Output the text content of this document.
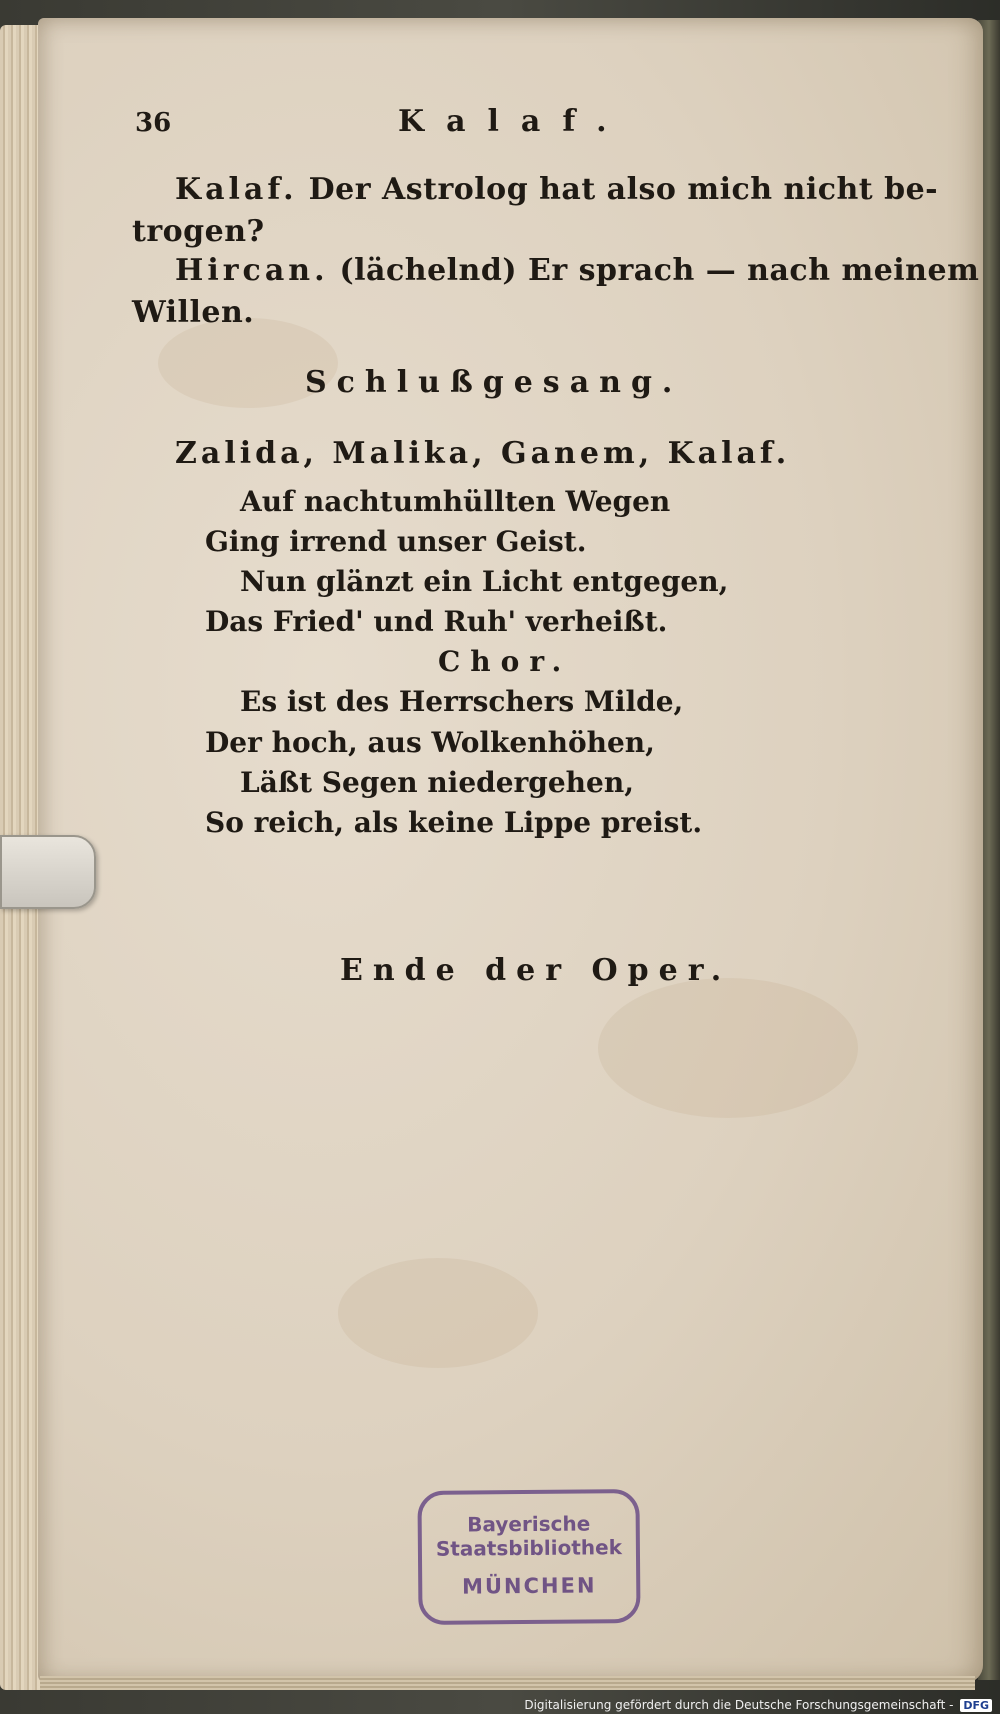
36	Kalaf.
Kalaf. Der Astrolog hat also mich nicht be-
trogen?
Hircan. (lächelnd) Er sprach — nach meinem
Willen.
Schlußgesang.
Zalida, Malika, Ganem, Kalaf.
Auf nachtumhüllten Wegen
Ging irrend unser Geist.
Nun glänzt ein Licht entgegen,
Das Fried' und Ruh' verheißt.
Chor.
Es ist des Herrschers Milde,
Der hoch, aus Wolkenhöhen,
Läßt Segen niedergehen,
So reich, als keine Lippe preist.
Ende der Oper.
Bayerische
Staatsbibliothek
MÜNCHEN
Digitalisierung gefördert durch die Deutsche Forschungsgemeinschaft - DFG
